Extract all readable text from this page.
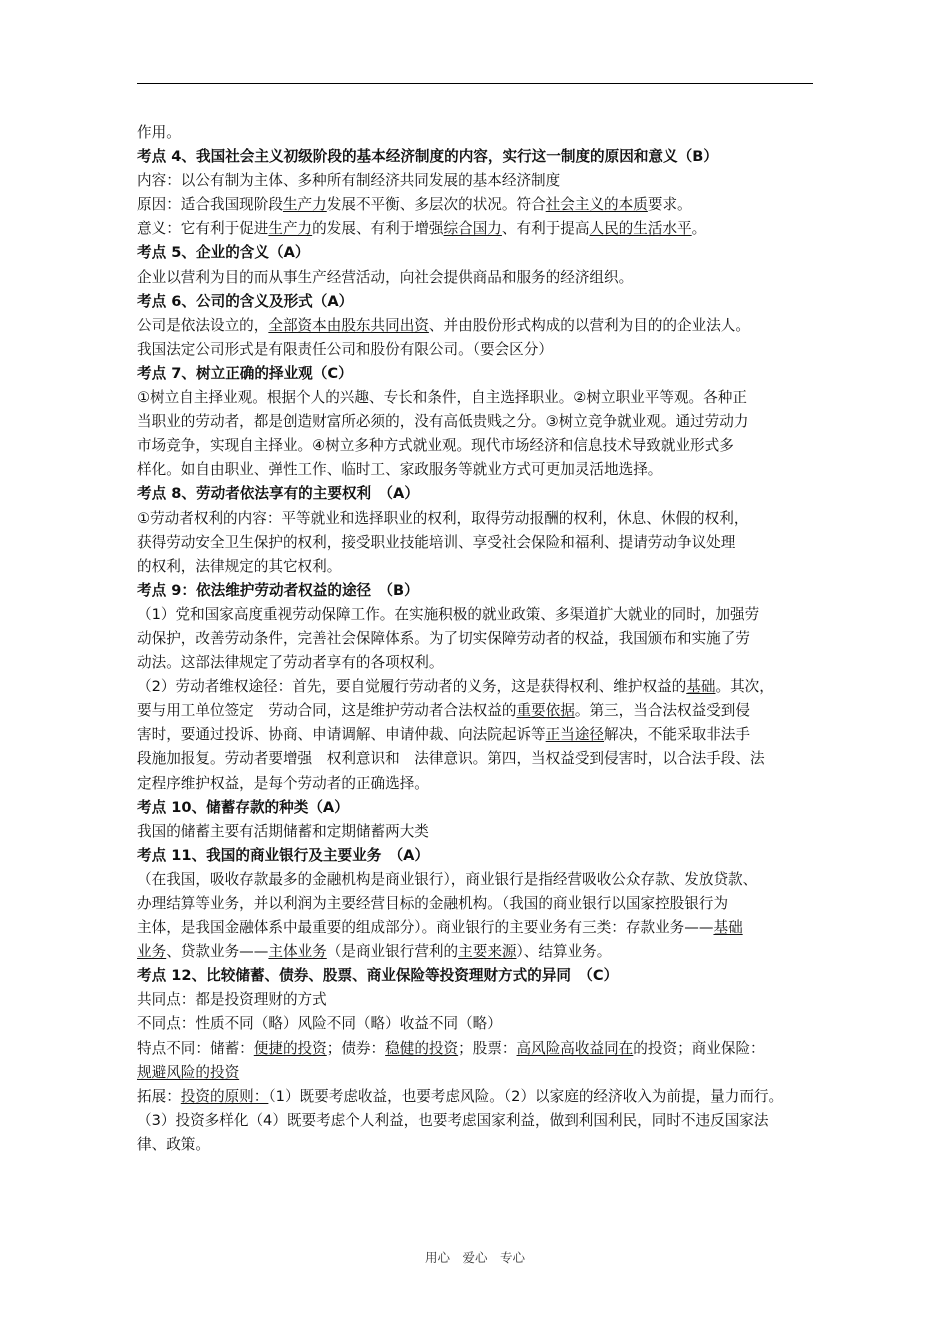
作用。
考点 4、我国社会主义初级阶段的基本经济制度的内容，实行这一制度的原因和意义（B）
内容：以公有制为主体、多种所有制经济共同发展的基本经济制度
原因：适合我国现阶段生产力发展不平衡、多层次的状况。符合社会主义的本质要求。
意义：它有利于促进生产力的发展、有利于增强综合国力、有利于提高人民的生活水平。
考点 5、企业的含义（A）
企业以营利为目的而从事生产经营活动，向社会提供商品和服务的经济组织。
考点 6、公司的含义及形式（A）
公司是依法设立的，全部资本由股东共同出资、并由股份形式构成的以营利为目的的企业法人。
我国法定公司形式是有限责任公司和股份有限公司。（要会区分）
考点 7、树立正确的择业观（C）
①树立自主择业观。根据个人的兴趣、专长和条件，自主选择职业。②树立职业平等观。各种正
当职业的劳动者，都是创造财富所必须的，没有高低贵贱之分。③树立竞争就业观。通过劳动力
市场竞争，实现自主择业。④树立多种方式就业观。现代市场经济和信息技术导致就业形式多
样化。如自由职业、弹性工作、临时工、家政服务等就业方式可更加灵活地选择。
考点 8、劳动者依法享有的主要权利　（A）
①劳动者权利的内容：平等就业和选择职业的权利，取得劳动报酬的权利，休息、休假的权利，
获得劳动安全卫生保护的权利，接受职业技能培训、享受社会保险和福利、提请劳动争议处理
的权利，法律规定的其它权利。
考点 9：依法维护劳动者权益的途径　（B）
（1）党和国家高度重视劳动保障工作。在实施积极的就业政策、多渠道扩大就业的同时，加强劳
动保护，改善劳动条件，完善社会保障体系。为了切实保障劳动者的权益，我国颁布和实施了劳
动法。这部法律规定了劳动者享有的各项权利。
（2）劳动者维权途径：首先，要自觉履行劳动者的义务，这是获得权利、维护权益的基础。其次，
要与用工单位签定　劳动合同，这是维护劳动者合法权益的重要依据。第三，当合法权益受到侵
害时，要通过投诉、协商、申请调解、申请仲裁、向法院起诉等正当途径解决，不能采取非法手
段施加报复。劳动者要增强　权利意识和　法律意识。第四，当权益受到侵害时，以合法手段、法
定程序维护权益，是每个劳动者的正确选择。
考点 10、储蓄存款的种类（A）
我国的储蓄主要有活期储蓄和定期储蓄两大类
考点 11、我国的商业银行及主要业务　（A）
（在我国，吸收存款最多的金融机构是商业银行），商业银行是指经营吸收公众存款、发放贷款、
办理结算等业务，并以利润为主要经营目标的金融机构。（我国的商业银行以国家控股银行为
主体，是我国金融体系中最重要的组成部分）。商业银行的主要业务有三类：存款业务——基础
业务、贷款业务——主体业务（是商业银行营利的主要来源）、结算业务。
考点 12、比较储蓄、债券、股票、商业保险等投资理财方式的异同　（C）
共同点：都是投资理财的方式
不同点：性质不同（略）风险不同（略）收益不同（略）
特点不同：储蓄：便捷的投资；债券：稳健的投资；股票：高风险高收益同在的投资；商业保险：
规避风险的投资
拓展：投资的原则：（1）既要考虑收益，也要考虑风险。（2）以家庭的经济收入为前提，量力而行。
（3）投资多样化（4）既要考虑个人利益，也要考虑国家利益，做到利国利民，同时不违反国家法
律、政策。
用心　爱心　专心
